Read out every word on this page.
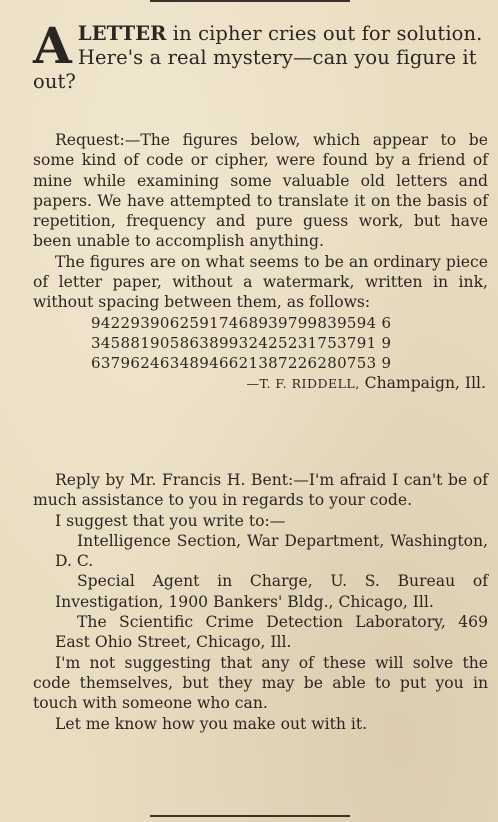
ALETTER in cipher cries out for solution. Here's a real mystery—can you figure it out?

Request:—The figures below, which appear to be some kind of code or cipher, were found by a friend of mine while examining some valuable old letters and papers. We have attempted to translate it on the basis of repetition, frequency and pure guess work, but have been unable to accomplish anything.

The figures are on what seems to be an ordinary piece of letter paper, without a watermark, written in ink, without spacing between them, as follows:

94229390625917468939799839594 6
34588190586389932425231753791 9
63796246348946621387226280753 9
—T. F. RIDDELL, Champaign, Ill.

Reply by Mr. Francis H. Bent:—I'm afraid I can't be of much assistance to you in regards to your code.

I suggest that you write to:—

Intelligence Section, War Department, Washington, D. C.

Special Agent in Charge, U. S. Bureau of Investigation, 1900 Bankers' Bldg., Chicago, Ill.

The Scientific Crime Detection Laboratory, 469 East Ohio Street, Chicago, Ill.

I'm not suggesting that any of these will solve the code themselves, but they may be able to put you in touch with someone who can.

Let me know how you make out with it.
